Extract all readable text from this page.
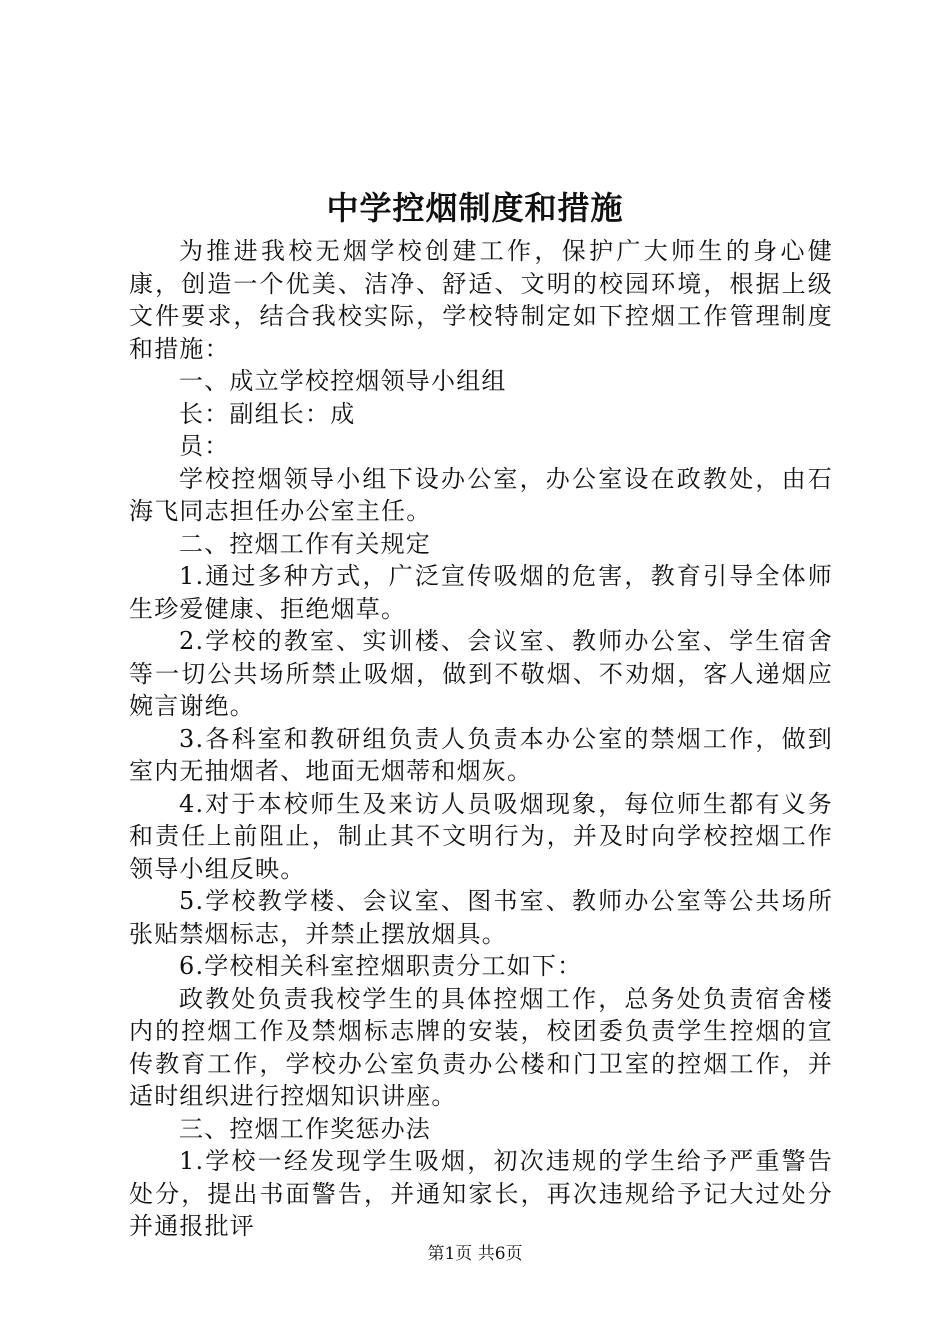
中学控烟制度和措施

为推进我校无烟学校创建工作，保护广大师生的身心健康，创造一个优美、洁净、舒适、文明的校园环境，根据上级文件要求，结合我校实际，学校特制定如下控烟工作管理制度和措施：

一、成立学校控烟领导小组组

长：副组长：成

员：

学校控烟领导小组下设办公室，办公室设在政教处，由石海飞同志担任办公室主任。

二、控烟工作有关规定

1.通过多种方式，广泛宣传吸烟的危害，教育引导全体师生珍爱健康、拒绝烟草。

2.学校的教室、实训楼、会议室、教师办公室、学生宿舍等一切公共场所禁止吸烟，做到不敬烟、不劝烟，客人递烟应婉言谢绝。

3.各科室和教研组负责人负责本办公室的禁烟工作，做到室内无抽烟者、地面无烟蒂和烟灰。

4.对于本校师生及来访人员吸烟现象，每位师生都有义务和责任上前阻止，制止其不文明行为，并及时向学校控烟工作领导小组反映。

5.学校教学楼、会议室、图书室、教师办公室等公共场所张贴禁烟标志，并禁止摆放烟具。

6.学校相关科室控烟职责分工如下：

政教处负责我校学生的具体控烟工作，总务处负责宿舍楼内的控烟工作及禁烟标志牌的安装，校团委负责学生控烟的宣传教育工作，学校办公室负责办公楼和门卫室的控烟工作，并适时组织进行控烟知识讲座。

三、控烟工作奖惩办法

1.学校一经发现学生吸烟，初次违规的学生给予严重警告处分，提出书面警告，并通知家长，再次违规给予记大过处分并通报批评

第1页 共6页
